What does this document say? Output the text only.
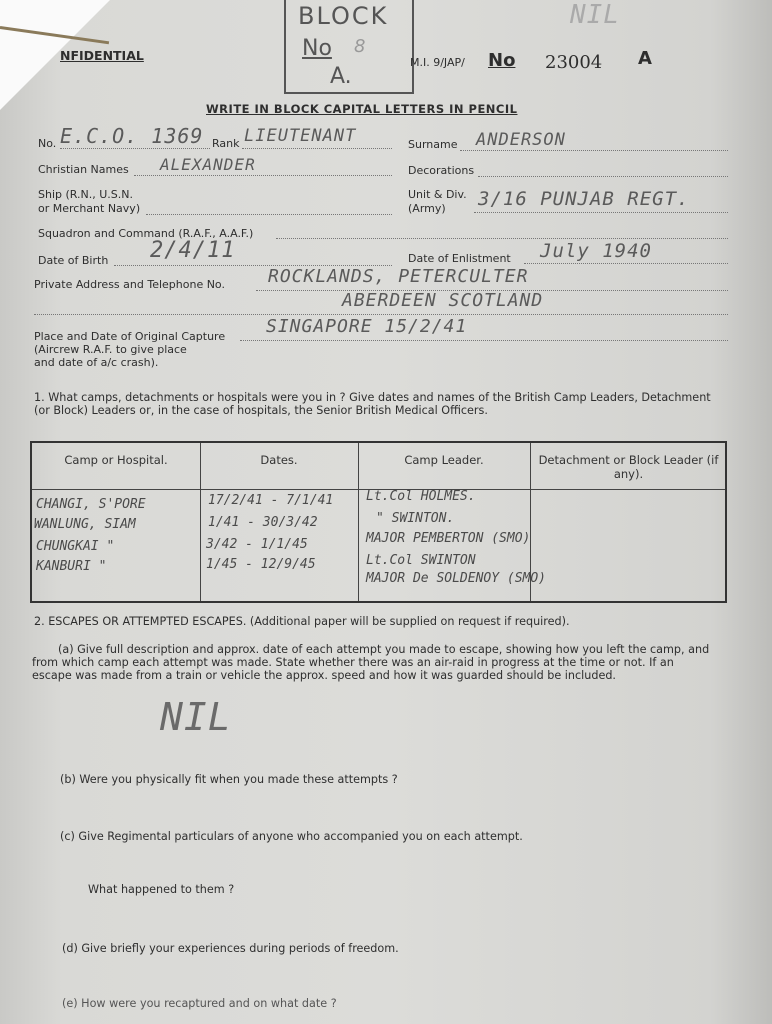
NFIDENTIAL
BLOCK
No 8
A.
M.I. 9/JAP/ No 23004 A
NIL
WRITE IN BLOCK CAPITAL LETTERS IN PENCIL
No. E.C.O. 1369 Rank LIEUTENANT	Surname ANDERSON
Christian Names ALEXANDER	Decorations
Ship (R.N., U.S.N.
or Merchant Navy)
Unit & Div.
(Army) 3/16 PUNJAB REGT.
Squadron and Command (R.A.F., A.A.F.)
Date of Birth 2/4/11	Date of Enlistment July 1940
Private Address and Telephone No. ROCKLANDS, PETERCULTER
ABERDEEN SCOTLAND
Place and Date of Original Capture
(Aircrew R.A.F. to give place
and date of a/c crash).
SINGAPORE 15/2/41
1. What camps, detachments or hospitals were you in ? Give dates and names of the British Camp Leaders, Detachment
(or Block) Leaders or, in the case of hospitals, the Senior British Medical Officers.
Camp or Hospital.	Dates.	Camp Leader.	Detachment or Block Leader (if any).
CHANGI, S'PORE	17/2/41 - 7/1/41	Lt.Col HOLMES.
WANLUNG, SIAM	1/41 - 30/3/42	" SWINTON.
CHUNGKAI "	3/42 - 1/1/45	MAJOR PEMBERTON (SMO)
KANBURI "	1/45 - 12/9/45	Lt.Col SWINTON
MAJOR De SOLDENOY (SMO)
2. ESCAPES OR ATTEMPTED ESCAPES. (Additional paper will be supplied on request if required).
(a) Give full description and approx. date of each attempt you made to escape, showing how you left the camp, and
from which camp each attempt was made. State whether there was an air-raid in progress at the time or not. If an
escape was made from a train or vehicle the approx. speed and how it was guarded should be included.
NIL
(b) Were you physically fit when you made these attempts ?
(c) Give Regimental particulars of anyone who accompanied you on each attempt.
What happened to them ?
(d) Give briefly your experiences during periods of freedom.
(e) How were you recaptured and on what date ?
